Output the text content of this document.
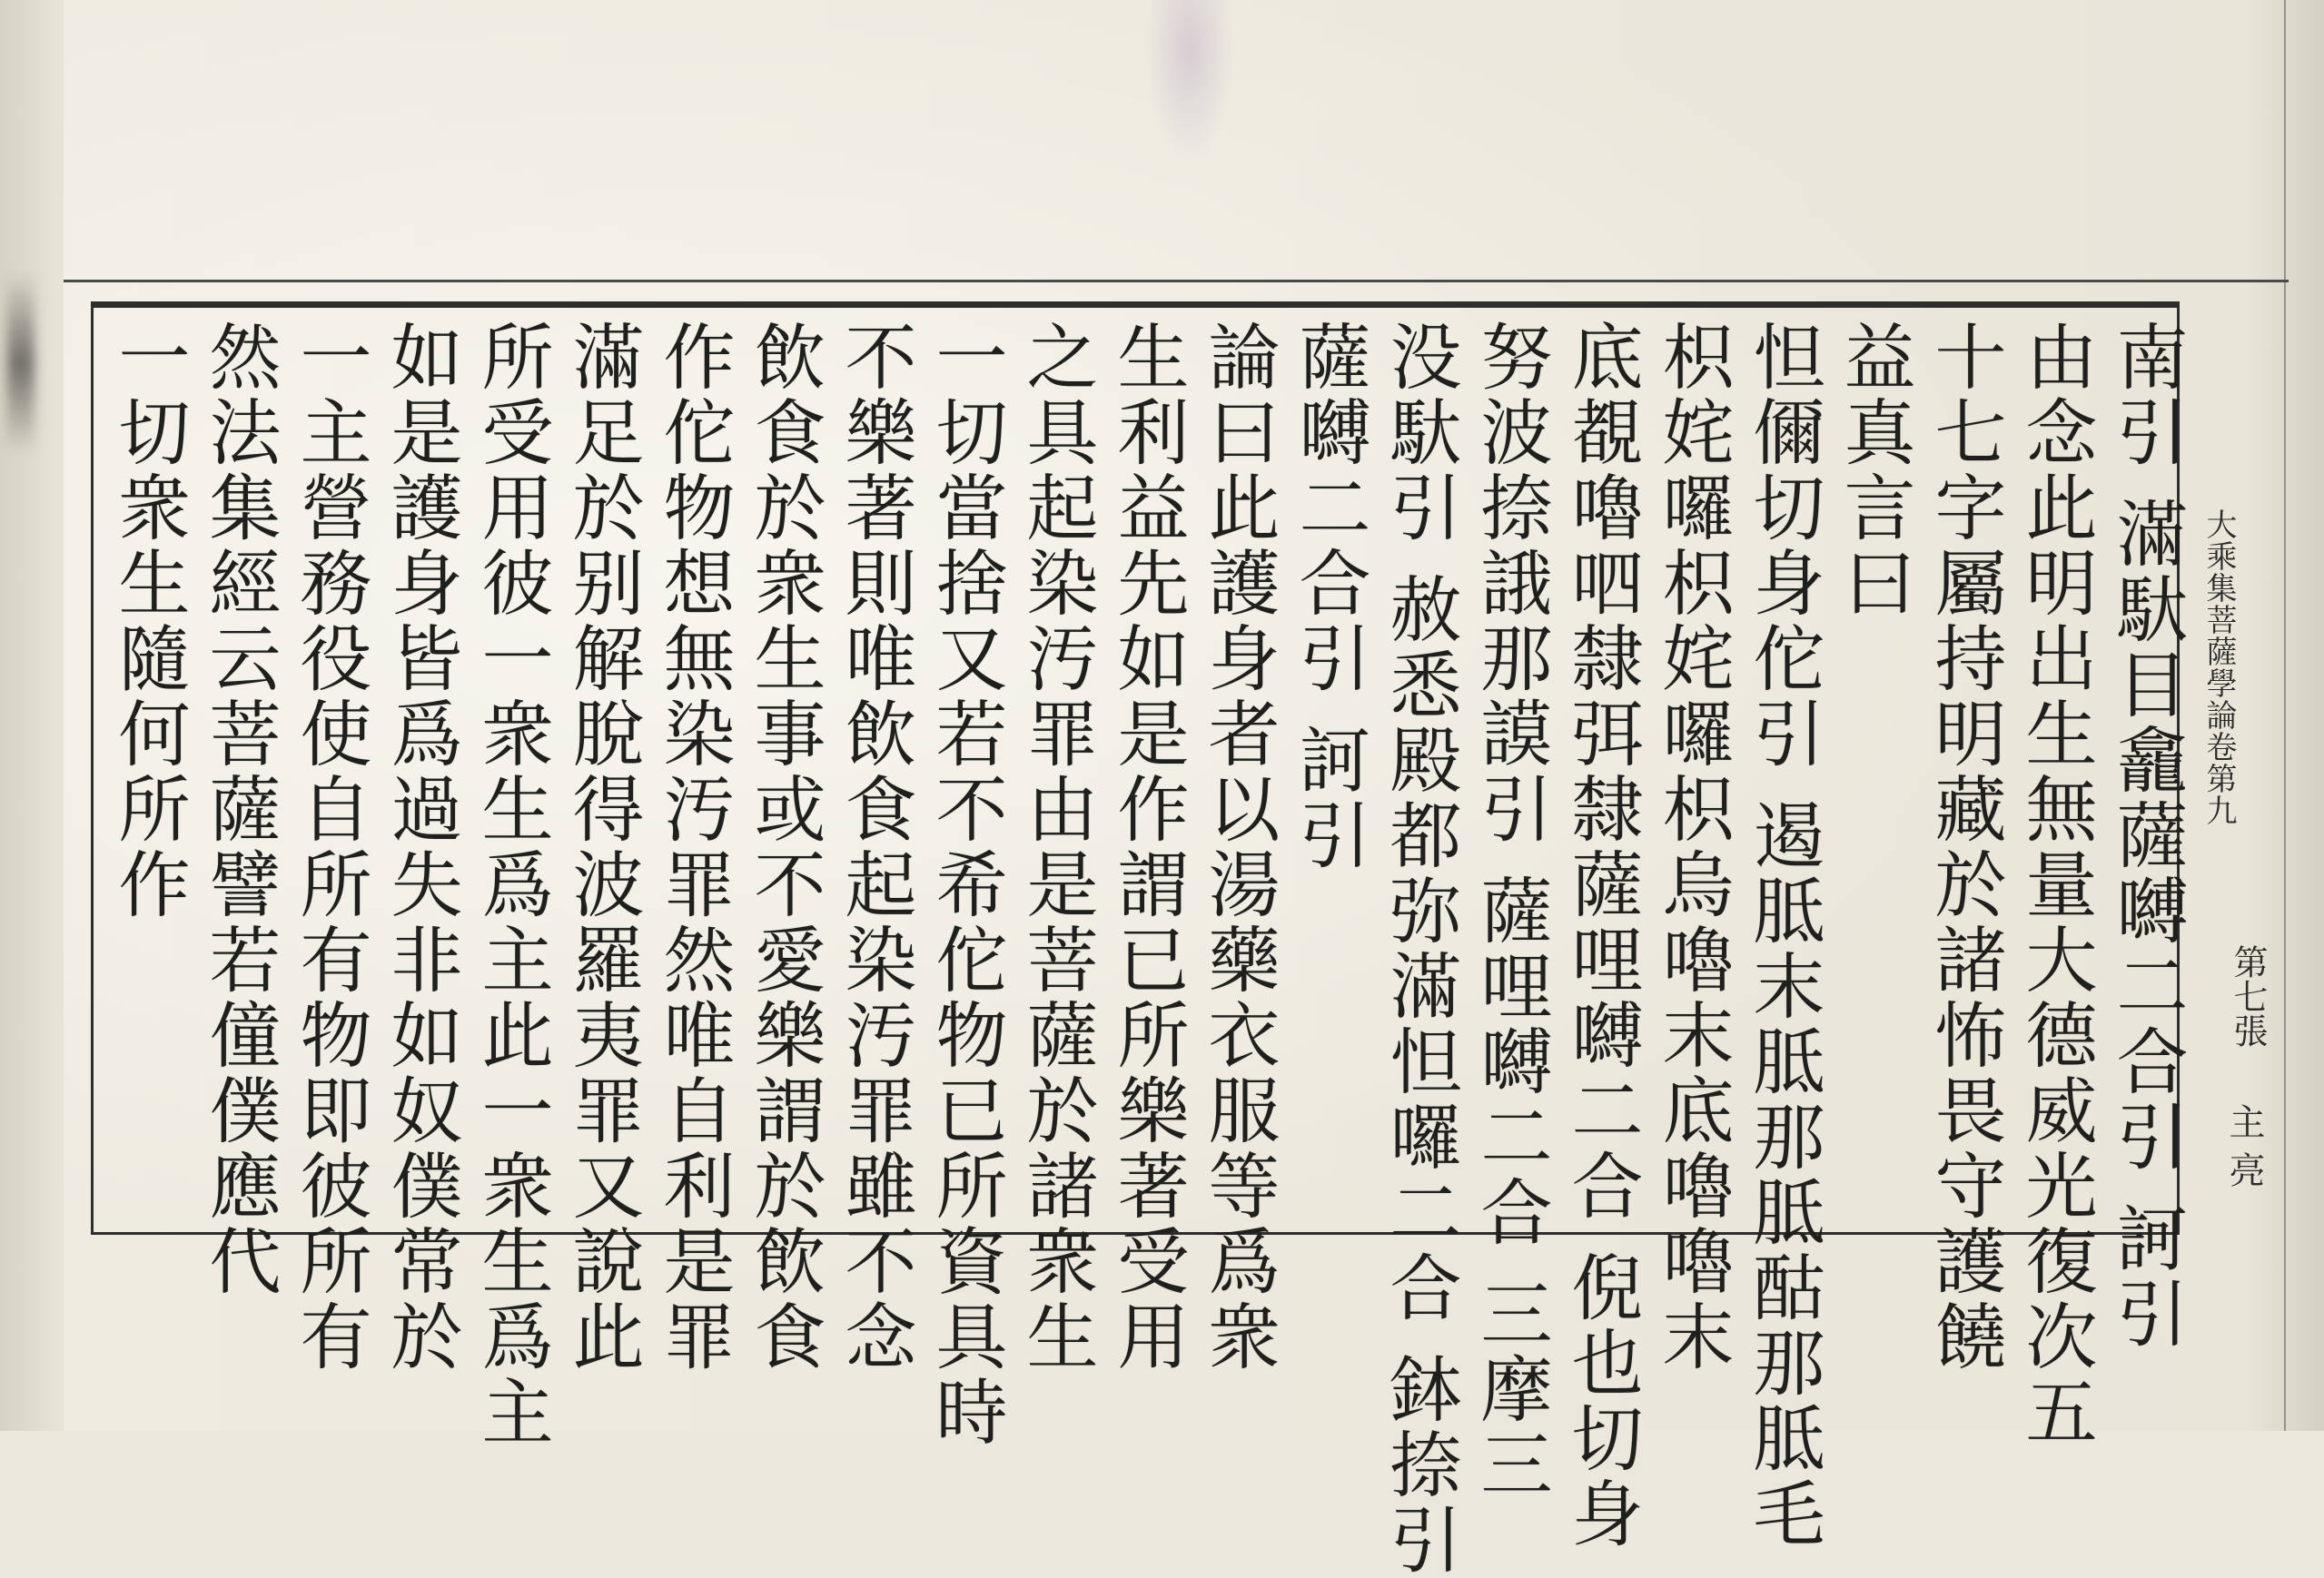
南引 滿馱目龕薩嚩二合引 訶引
由念此明出生無量大德威光復次五
十七字屬持明藏於諸怖畏守護饒
益真言曰
怛儞切身佗引 遏胝末胝那胝酤那胝毛
枳姹囉枳姹囉枳烏嚕末底嚕嚕末
底覩嚕呬隸弭隸薩哩嚩二合 倪也切身
努波捺誐那謨引 薩哩嚩二合 三摩三
没馱引 赦悉殿都弥滿怛囉二合 鉢捺引
薩嚩二合引 訶引
論曰此護身者以湯藥衣服等爲衆
生利益先如是作謂已所樂著受用
之具起染汚罪由是菩薩於諸衆生
一切當捨又若不希佗物已所資具時
不樂著則唯飲食起染汚罪雖不念
飲食於衆生事或不愛樂謂於飲食
作佗物想無染汚罪然唯自利是罪
滿足於别解脫得波羅夷罪又說此
所受用彼一衆生爲主此一衆生爲主
如是護身皆爲過失非如奴僕常於
一主營務役使自所有物即彼所有
然法集經云菩薩譬若僮僕應代
一切衆生隨何所作	大乘集菩薩學論卷第九
第七張
主 亮
